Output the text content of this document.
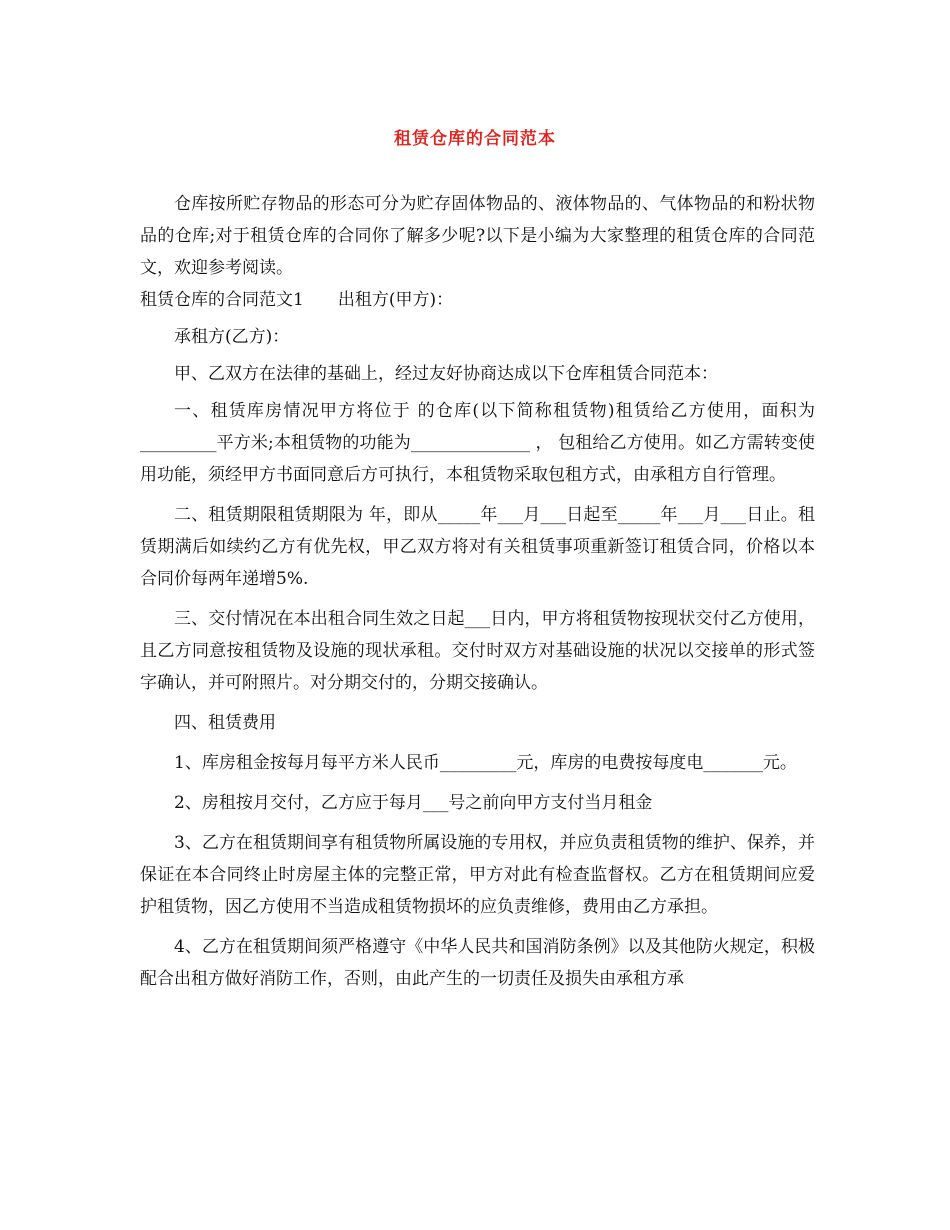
租赁仓库的合同范本

仓库按所贮存物品的形态可分为贮存固体物品的、液体物品的、气体物品的和粉状物品的仓库;对于租赁仓库的合同你了解多少呢?以下是小编为大家整理的租赁仓库的合同范文，欢迎参考阅读。

租赁仓库的合同范文1　　出租方(甲方)：

承租方(乙方)：

甲、乙双方在法律的基础上，经过友好协商达成以下仓库租赁合同范本：

一、租赁库房情况甲方将位于 的仓库(以下简称租赁物)租赁给乙方使用，面积为_________平方米;本租赁物的功能为______________ ， 包租给乙方使用。如乙方需转变使用功能，须经甲方书面同意后方可执行，本租赁物采取包租方式，由承租方自行管理。

二、租赁期限租赁期限为 年，即从_____年___月___日起至_____年___月___日止。租赁期满后如续约乙方有优先权，甲乙双方将对有关租赁事项重新签订租赁合同，价格以本合同价每两年递增5%.

三、交付情况在本出租合同生效之日起___日内，甲方将租赁物按现状交付乙方使用，且乙方同意按租赁物及设施的现状承租。交付时双方对基础设施的状况以交接单的形式签字确认，并可附照片。对分期交付的，分期交接确认。

四、租赁费用

1、库房租金按每月每平方米人民币_________元，库房的电费按每度电_______元。

2、房租按月交付，乙方应于每月___号之前向甲方支付当月租金

3、乙方在租赁期间享有租赁物所属设施的专用权，并应负责租赁物的维护、保养，并保证在本合同终止时房屋主体的完整正常，甲方对此有检查监督权。乙方在租赁期间应爱护租赁物，因乙方使用不当造成租赁物损坏的应负责维修，费用由乙方承担。

4、乙方在租赁期间须严格遵守《中华人民共和国消防条例》以及其他防火规定，积极配合出租方做好消防工作，否则，由此产生的一切责任及损失由承租方承
